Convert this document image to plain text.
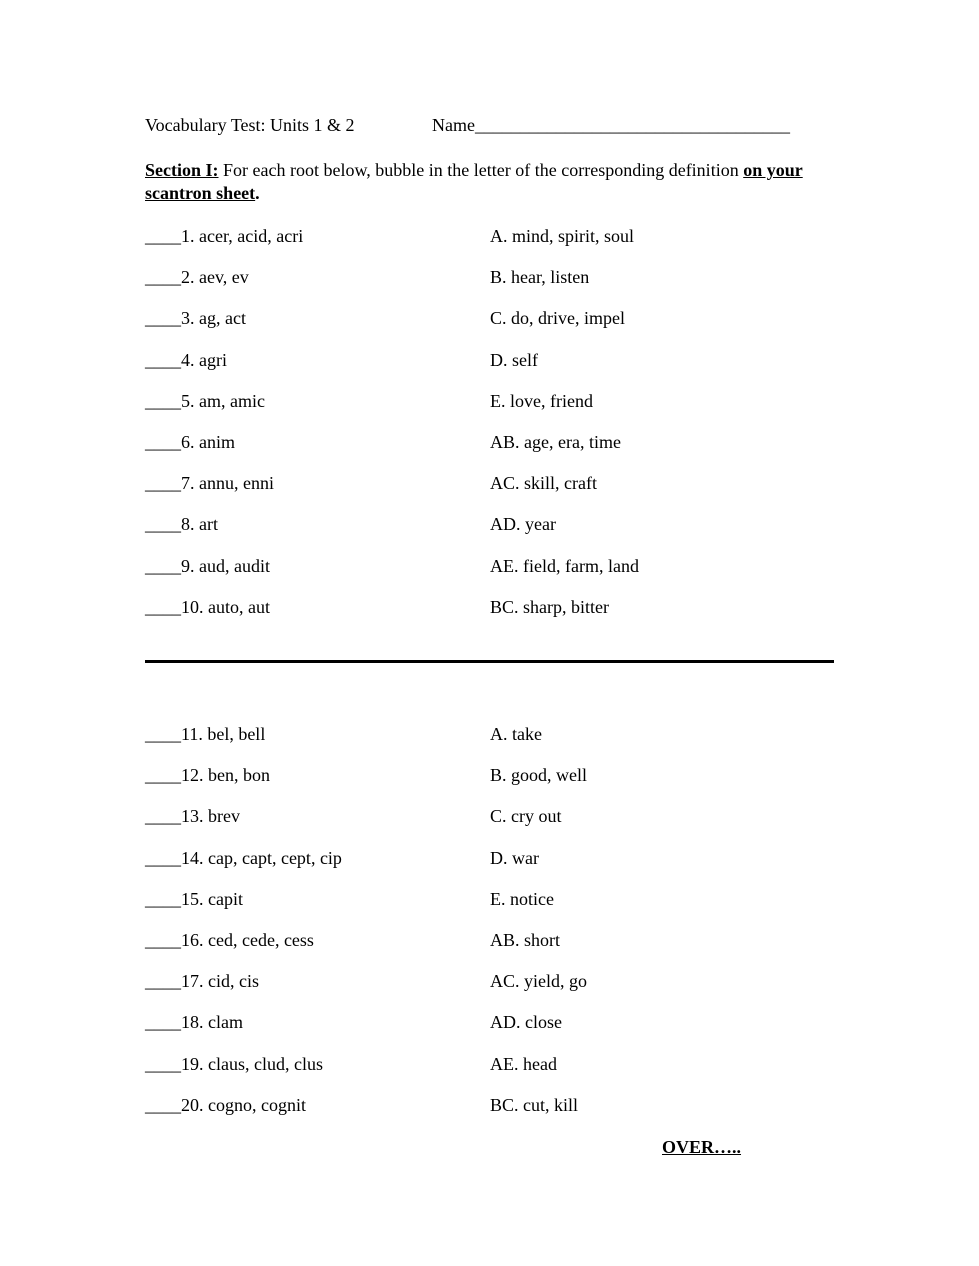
Vocabulary Test: Units 1 & 2	Name___________________________________
Section I: For each root below, bubble in the letter of the corresponding definition on your scantron sheet.
____1. acer, acid, acri	A. mind, spirit, soul
____2. aev, ev	B. hear, listen
____3. ag, act	C. do, drive, impel
____4. agri	D. self
____5. am, amic	E. love, friend
____6. anim	AB. age, era, time
____7. annu, enni	AC. skill, craft
____8. art	AD. year
____9. aud, audit	AE. field, farm, land
____10. auto, aut	BC. sharp, bitter
____11. bel, bell	A. take
____12. ben, bon	B. good, well
____13. brev	C. cry out
____14. cap, capt, cept, cip	D. war
____15. capit	E. notice
____16. ced, cede, cess	AB. short
____17. cid, cis	AC. yield, go
____18. clam	AD. close
____19. claus, clud, clus	AE. head
____20. cogno, cognit	BC. cut, kill
OVER…..
